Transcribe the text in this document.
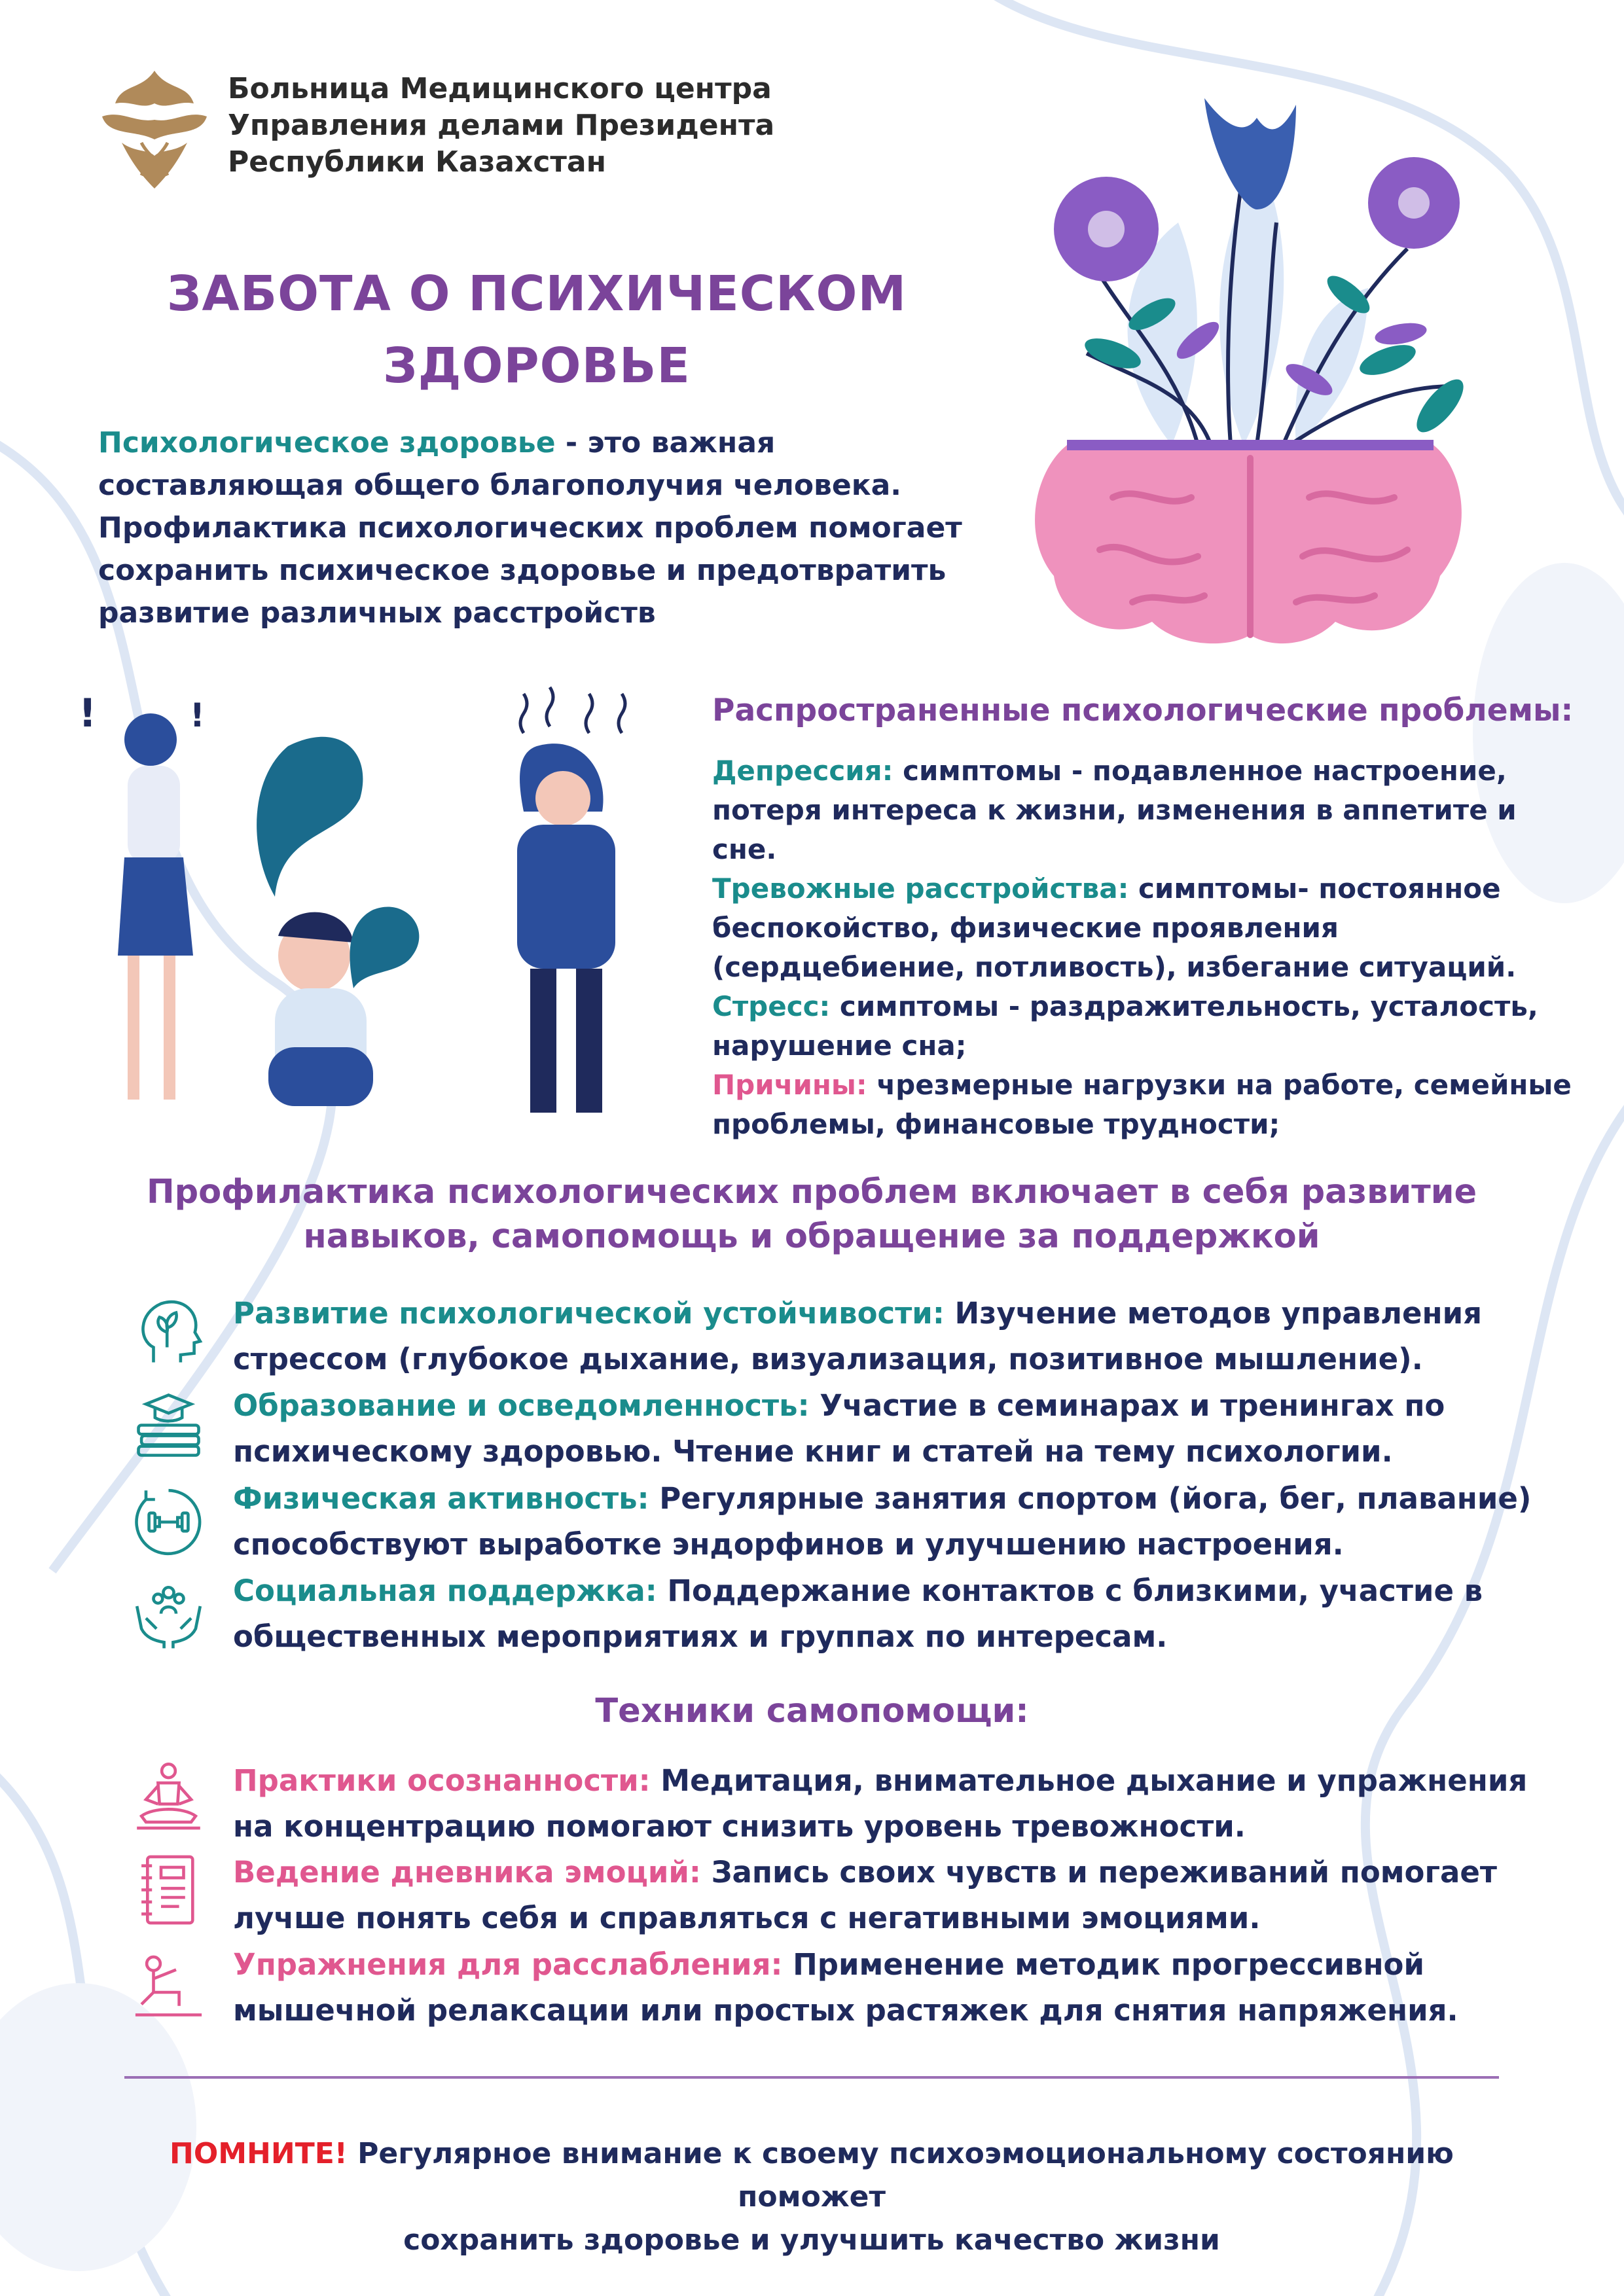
Больница Медицинского центра
Управления делами Президента
Республики Казахстан
ЗАБОТА О ПСИХИЧЕСКОМ
ЗДОРОВЬЕ
Психологическое здоровье - это важная составляющая общего благополучия человека. Профилактика психологических проблем помогает сохранить психическое здоровье и предотвратить развитие различных расстройств
!	!	Распространенные психологические проблемы:

Депрессия: симптомы - подавленное настроение, потеря интереса к жизни, изменения в аппетите и сне.

Тревожные расстройства: симптомы- постоянное беспокойство, физические проявления (сердцебиение, потливость), избегание ситуаций.

Стресс: симптомы - раздражительность, усталость, нарушение сна;

Причины: чрезмерные нагрузки на работе, семейные проблемы, финансовые трудности;

Профилактика психологических проблем включает в себя развитие
навыков, самопомощь и обращение за поддержкой

Развитие психологической устойчивости: Изучение методов управления стрессом (глубокое дыхание, визуализация, позитивное мышление).

Образование и осведомленность: Участие в семинарах и тренингах по психическому здоровью. Чтение книг и статей на тему психологии.

Физическая активность: Регулярные занятия спортом (йога, бег, плавание) способствуют выработке эндорфинов и улучшению настроения.

Социальная поддержка: Поддержание контактов с близкими, участие в общественных мероприятиях и группах по интересам.

Техники самопомощи:

Практики осознанности: Медитация, внимательное дыхание и упражнения на концентрацию помогают снизить уровень тревожности.

Ведение дневника эмоций: Запись своих чувств и переживаний помогает лучше понять себя и справляться с негативными эмоциями.

Упражнения для расслабления: Применение методик прогрессивной мышечной релаксации или простых растяжек для снятия напряжения.

ПОМНИТЕ! Регулярное внимание к своему психоэмоциональному состоянию поможет
сохранить здоровье и улучшить качество жизни
